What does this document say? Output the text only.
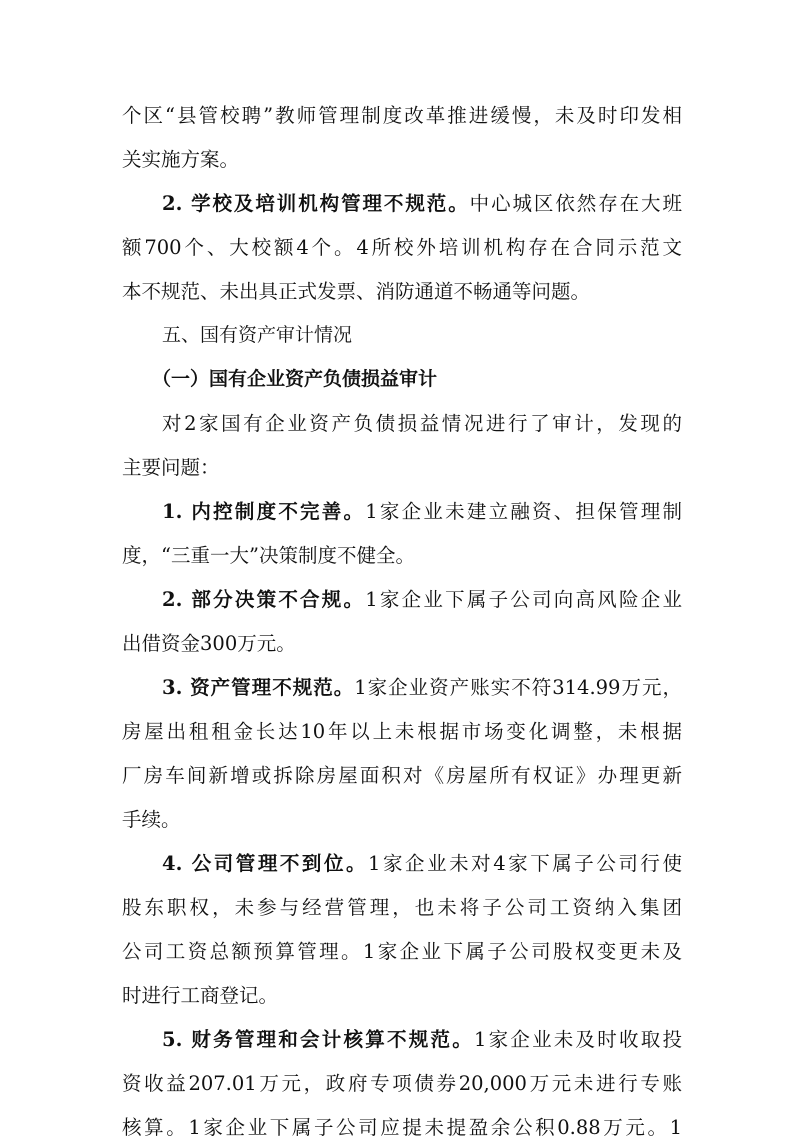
个区“县管校聘”教师管理制度改革推进缓慢，未及时印发相
关实施方案。
2. 学校及培训机构管理不规范。中心城区依然存在大班
额700个、大校额4个。4所校外培训机构存在合同示范文
本不规范、未出具正式发票、消防通道不畅通等问题。
五、国有资产审计情况
（一）国有企业资产负债损益审计
对2家国有企业资产负债损益情况进行了审计，发现的
主要问题：
1. 内控制度不完善。1家企业未建立融资、担保管理制
度，“三重一大”决策制度不健全。
2. 部分决策不合规。1家企业下属子公司向高风险企业
出借资金300万元。
3. 资产管理不规范。1家企业资产账实不符314.99万元，
房屋出租租金长达10年以上未根据市场变化调整，未根据
厂房车间新增或拆除房屋面积对《房屋所有权证》办理更新
手续。
4. 公司管理不到位。1家企业未对4家下属子公司行使
股东职权，未参与经营管理，也未将子公司工资纳入集团
公司工资总额预算管理。1家企业下属子公司股权变更未及
时进行工商登记。
5. 财务管理和会计核算不规范。1家企业未及时收取投
资收益207.01万元，政府专项债券20,000万元未进行专账
核算。1家企业下属子公司应提未提盈余公积0.88万元。1
